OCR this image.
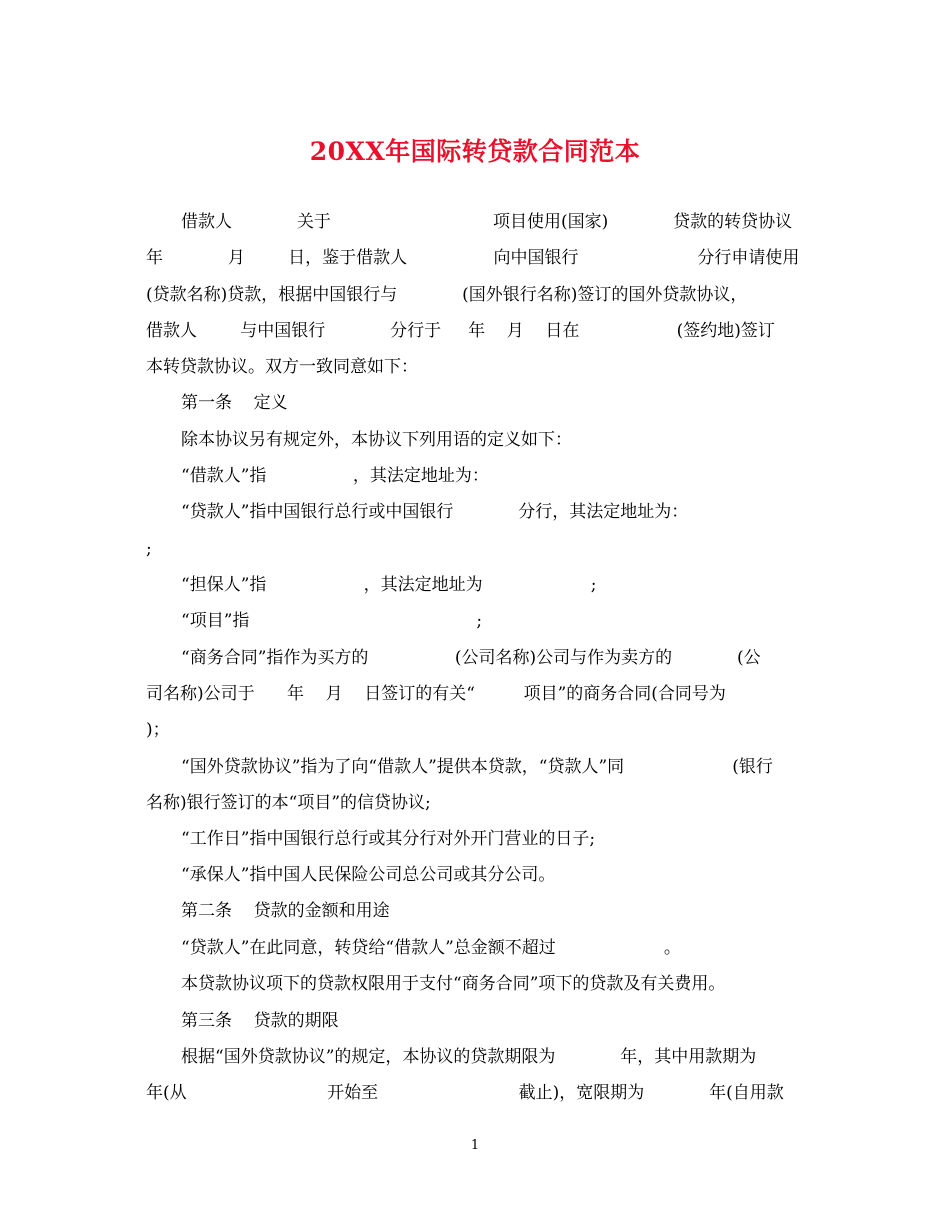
20XX年国际转贷款合同范本
借款人            关于                              项目使用(国家)            贷款的转贷协议
年            月        日，鉴于借款人                向中国银行                      分行申请使用
(贷款名称)贷款，根据中国银行与            (国外银行名称)签订的国外贷款协议，
借款人        与中国银行            分行于     年    月    日在                  (签约地)签订
本转贷款协议。双方一致同意如下：
第一条    定义
除本协议另有规定外，本协议下列用语的定义如下：
“借款人”指                ，其法定地址为：
“贷款人”指中国银行总行或中国银行            分行，其法定地址为：
;
“担保人”指                  ，其法定地址为                    ;
“项目”指                                          ;
“商务合同”指作为买方的                (公司名称)公司与作为卖方的            (公
司名称)公司于      年    月    日签订的有关“         项目”的商务合同(合同号为
)；
“国外贷款协议”指为了向“借款人”提供本贷款，“贷款人”同                    (银行
名称)银行签订的本“项目”的信贷协议;
“工作日”指中国银行总行或其分行对外开门营业的日子;
“承保人”指中国人民保险公司总公司或其分公司。
第二条    贷款的金额和用途
“贷款人”在此同意，转贷给“借款人”总金额不超过                    。
本贷款协议项下的贷款权限用于支付“商务合同”项下的贷款及有关费用。
第三条    贷款的期限
根据“国外贷款协议”的规定，本协议的贷款期限为            年，其中用款期为
年(从                          开始至                          截止)，宽限期为            年(自用款
1
